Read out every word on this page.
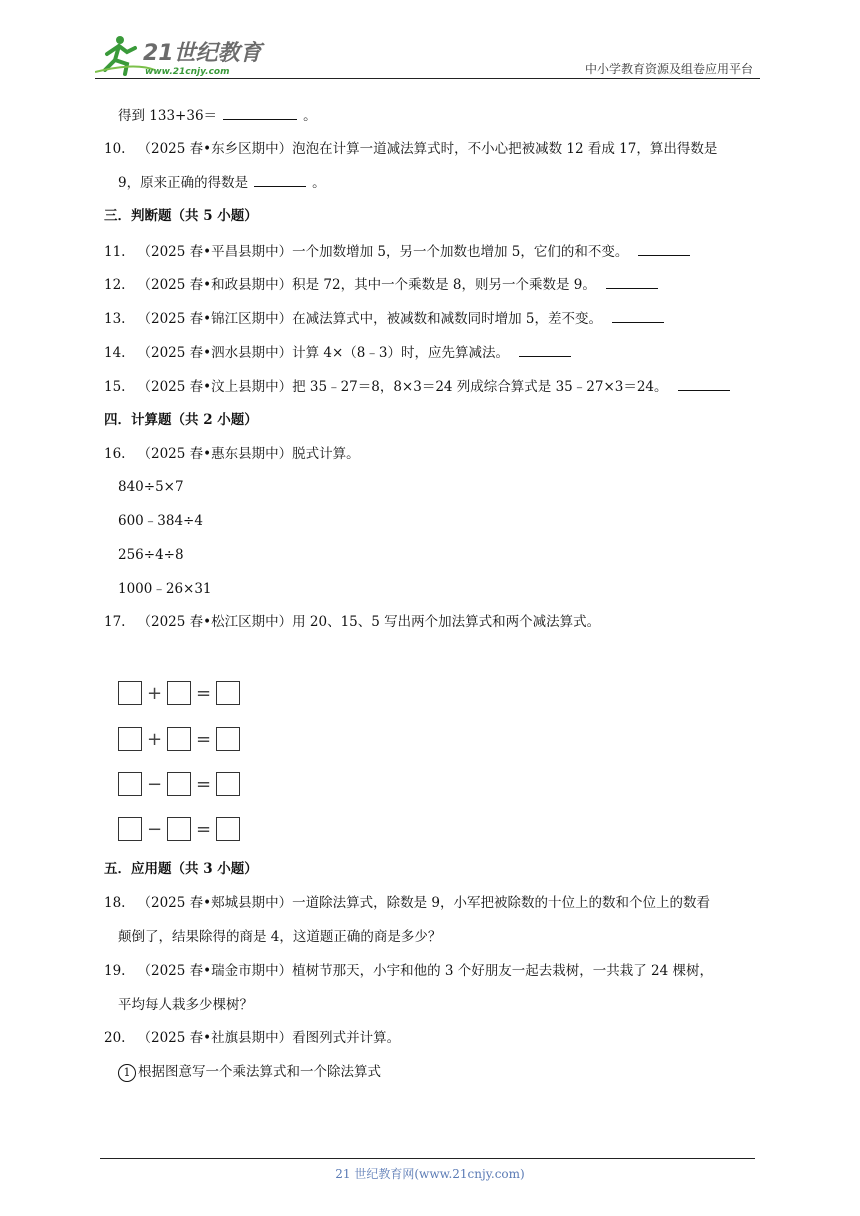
21世纪教育
www.21cnjy.com	中小学教育资源及组卷应用平台
得到 133+36＝	。
10. （2025 春•东乡区期中）泡泡在计算一道减法算式时，不小心把被减数 12 看成 17，算出得数是
9，原来正确的得数是	。
三．判断题（共 5 小题）
11. （2025 春•平昌县期中）一个加数增加 5，另一个加数也增加 5，它们的和不变。
12. （2025 春•和政县期中）积是 72，其中一个乘数是 8，则另一个乘数是 9。
13. （2025 春•锦江区期中）在减法算式中，被减数和减数同时增加 5，差不变。
14. （2025 春•泗水县期中）计算 4×（8﹣3）时，应先算减法。
15. （2025 春•汶上县期中）把 35﹣27＝8，8×3＝24 列成综合算式是 35﹣27×3＝24。
四．计算题（共 2 小题）
16. （2025 春•惠东县期中）脱式计算。
840÷5×7
600﹣384÷4
256÷4÷8
1000﹣26×31
17. （2025 春•松江区期中）用 20、15、5 写出两个加法算式和两个减法算式。
+ =
+ =
− =
− =
五．应用题（共 3 小题）
18. （2025 春•郏城县期中）一道除法算式，除数是 9，小军把被除数的十位上的数和个位上的数看
颠倒了，结果除得的商是 4，这道题正确的商是多少？
19. （2025 春•瑞金市期中）植树节那天，小宇和他的 3 个好朋友一起去栽树，一共栽了 24 棵树，
平均每人栽多少棵树？
20. （2025 春•社旗县期中）看图列式并计算。
1 根据图意写一个乘法算式和一个除法算式
21 世纪教育网(www.21cnjy.com)
